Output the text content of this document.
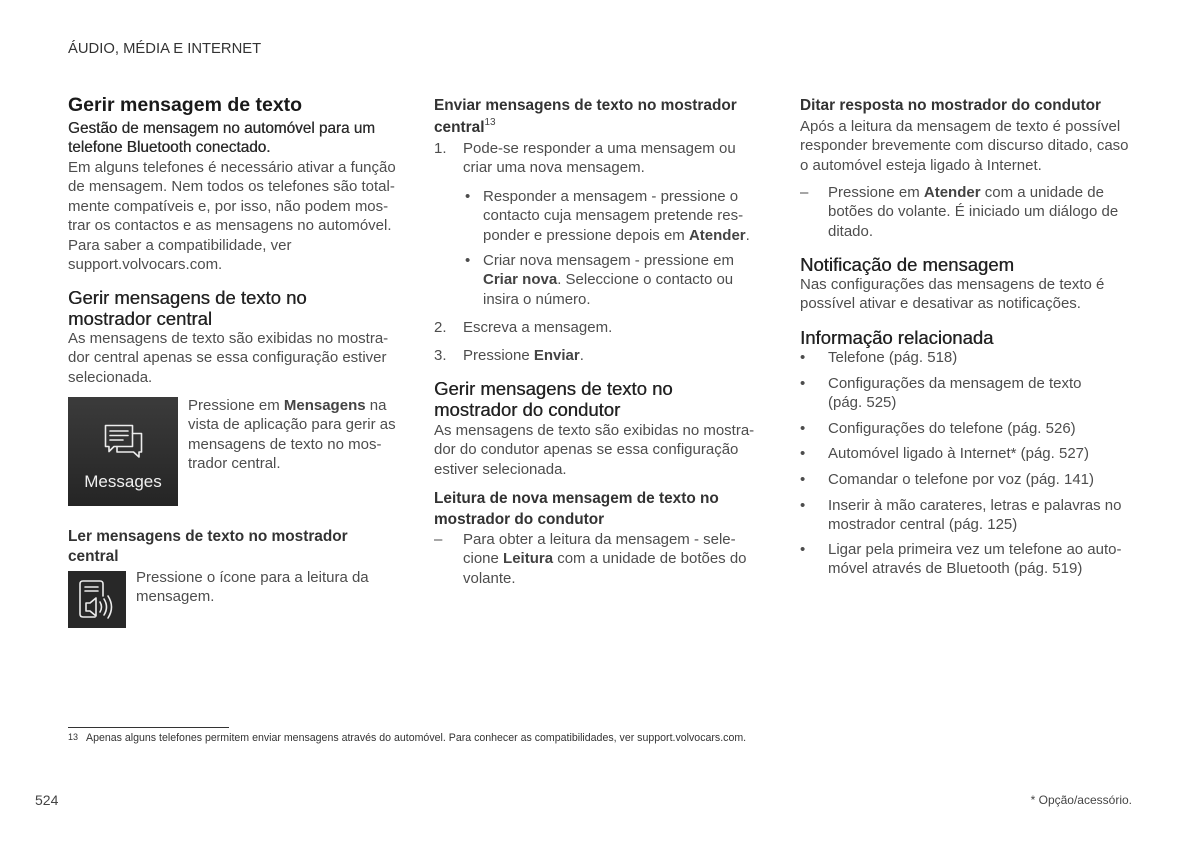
ÁUDIO, MÉDIA E INTERNET
Gerir mensagem de texto
Gestão de mensagem no automóvel para um
telefone Bluetooth conectado.
Em alguns telefones é necessário ativar a função
de mensagem. Nem todos os telefones são total-
mente compatíveis e, por isso, não podem mos-
trar os contactos e as mensagens no automóvel.
Para saber a compatibilidade, ver
support.volvocars.com.
Gerir mensagens de texto no
mostrador central
As mensagens de texto são exibidas no mostra-
dor central apenas se essa configuração estiver
selecionada.
Messages
Pressione em Mensagens na
vista de aplicação para gerir as
mensagens de texto no mos-
trador central.
Ler mensagens de texto no mostrador
central
Pressione o ícone para a leitura da
mensagem.
Enviar mensagens de texto no mostrador
central$^{13}$
1. Pode-se responder a uma mensagem ou
criar uma nova mensagem.
• Responder a mensagem - pressione o
contacto cuja mensagem pretende res-
ponder e pressione depois em Atender.
• Criar nova mensagem - pressione em
Criar nova. Seleccione o contacto ou
insira o número.
2. Escreva a mensagem.
3. Pressione Enviar.
Gerir mensagens de texto no
mostrador do condutor
As mensagens de texto são exibidas no mostra-
dor do condutor apenas se essa configuração
estiver selecionada.
Leitura de nova mensagem de texto no
mostrador do condutor
– Para obter a leitura da mensagem - sele-
cione Leitura com a unidade de botões do
volante.
Ditar resposta no mostrador do condutor
Após a leitura da mensagem de texto é possível
responder brevemente com discurso ditado, caso
o automóvel esteja ligado à Internet.
– Pressione em Atender com a unidade de
botões do volante. É iniciado um diálogo de
ditado.
Notificação de mensagem
Nas configurações das mensagens de texto é
possível ativar e desativar as notificações.
Informação relacionada
• Telefone (pág. 518)
• Configurações da mensagem de texto
(pág. 525)
• Configurações do telefone (pág. 526)
• Automóvel ligado à Internet* (pág. 527)
• Comandar o telefone por voz (pág. 141)
• Inserir à mão carateres, letras e palavras no
mostrador central (pág. 125)
• Ligar pela primeira vez um telefone ao auto-
móvel através de Bluetooth (pág. 519)
13 Apenas alguns telefones permitem enviar mensagens através do automóvel. Para conhecer as compatibilidades, ver support.volvocars.com.
524	* Opção/acessório.
